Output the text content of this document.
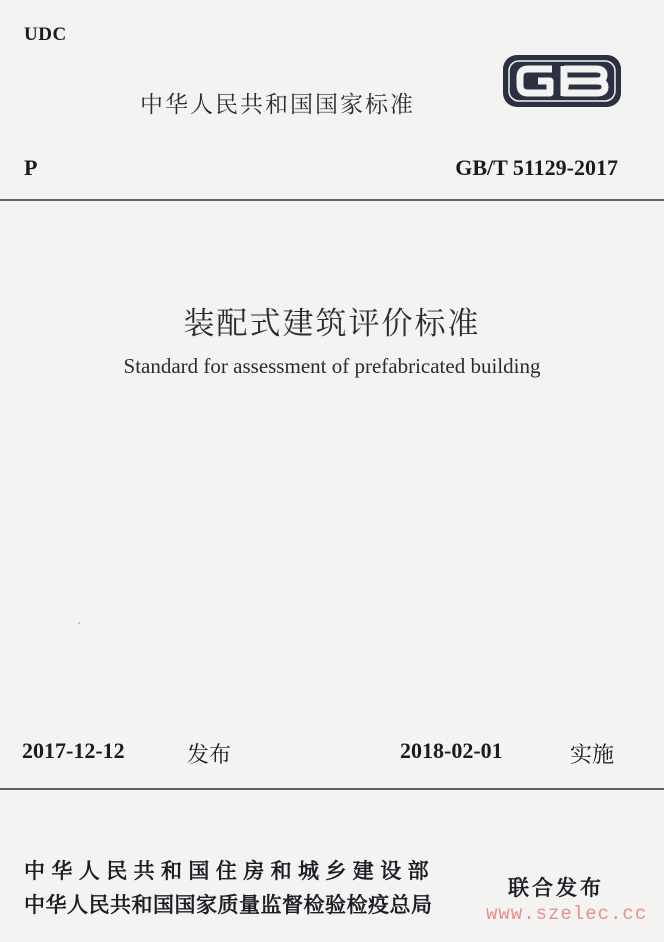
UDC
中华人民共和国国家标准
P	GB/T 51129-2017
装配式建筑评价标准
Standard for assessment of prefabricated building
2017-12-12	发布	2018-02-01	实施
中华人民共和国住房和城乡建设部
中华人民共和国国家质量监督检验检疫总局
联合发布
www.szelec.cc
